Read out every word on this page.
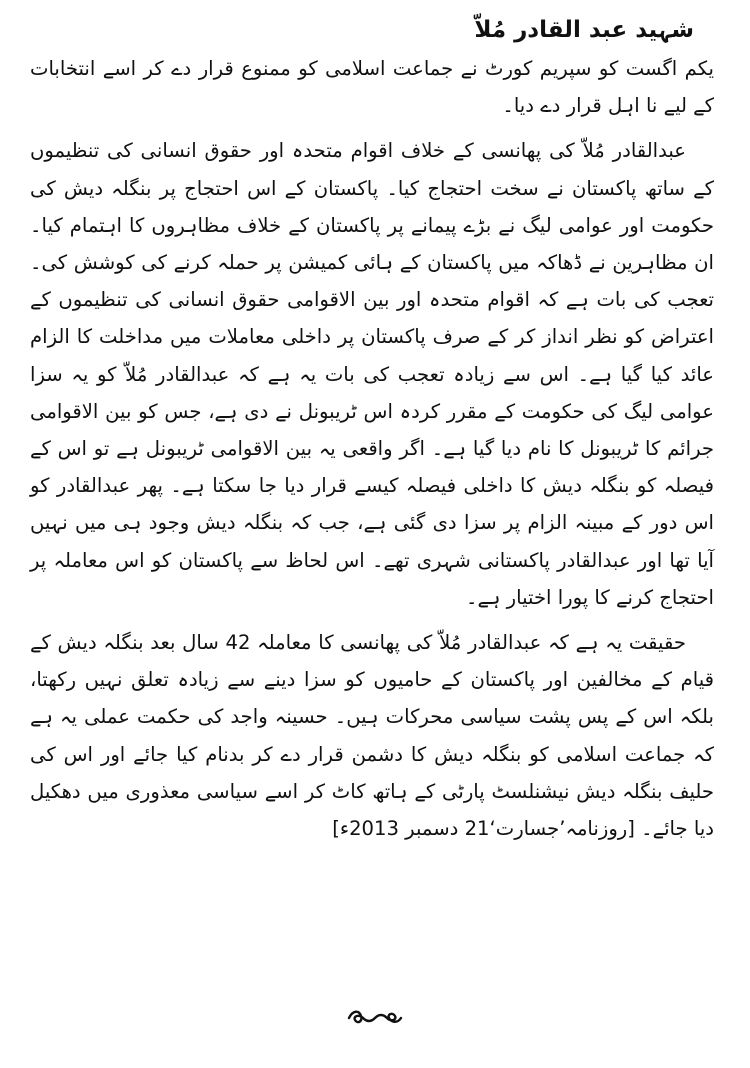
شہید عبد القادر مُلاّ

یکم اگست کو سپریم کورٹ نے جماعت اسلامی کو ممنوع قرار دے کر اسے انتخابات کے لیے نا اہل قرار دے دیا۔

عبدالقادر مُلاّ کی پھانسی کے خلاف اقوام متحدہ اور حقوق انسانی کی تنظیموں کے ساتھ پاکستان نے سخت احتجاج کیا۔ پاکستان کے اس احتجاج پر بنگلہ دیش کی حکومت اور عوامی لیگ نے بڑے پیمانے پر پاکستان کے خلاف مظاہروں کا اہتمام کیا۔ ان مظاہرین نے ڈھاکہ میں پاکستان کے ہائی کمیشن پر حملہ کرنے کی کوشش کی۔ تعجب کی بات ہے کہ اقوام متحدہ اور بین الاقوامی حقوق انسانی کی تنظیموں کے اعتراض کو نظر انداز کر کے صرف پاکستان پر داخلی معاملات میں مداخلت کا الزام عائد کیا گیا ہے۔ اس سے زیادہ تعجب کی بات یہ ہے کہ عبدالقادر مُلاّ کو یہ سزا عوامی لیگ کی حکومت کے مقرر کردہ اس ٹریبونل نے دی ہے، جس کو بین الاقوامی جرائم کا ٹریبونل کا نام دیا گیا ہے۔ اگر واقعی یہ بین الاقوامی ٹریبونل ہے تو اس کے فیصلہ کو بنگلہ دیش کا داخلی فیصلہ کیسے قرار دیا جا سکتا ہے۔ پھر عبدالقادر کو اس دور کے مبینہ الزام پر سزا دی گئی ہے، جب کہ بنگلہ دیش وجود ہی میں نہیں آیا تھا اور عبدالقادر پاکستانی شہری تھے۔ اس لحاظ سے پاکستان کو اس معاملہ پر احتجاج کرنے کا پورا اختیار ہے۔

حقیقت یہ ہے کہ عبدالقادر مُلاّ کی پھانسی کا معاملہ 42 سال بعد بنگلہ دیش کے قیام کے مخالفین اور پاکستان کے حامیوں کو سزا دینے سے زیادہ تعلق نہیں رکھتا، بلکہ اس کے پس پشت سیاسی محرکات ہیں۔ حسینہ واجد کی حکمت عملی یہ ہے کہ جماعت اسلامی کو بنگلہ دیش کا دشمن قرار دے کر بدنام کیا جائے اور اس کی حلیف بنگلہ دیش نیشنلسٹ پارٹی کے ہاتھ کاٹ کر اسے سیاسی معذوری میں دھکیل دیا جائے۔ [روزنامہ’جسارت‘21 دسمبر 2013ء]
